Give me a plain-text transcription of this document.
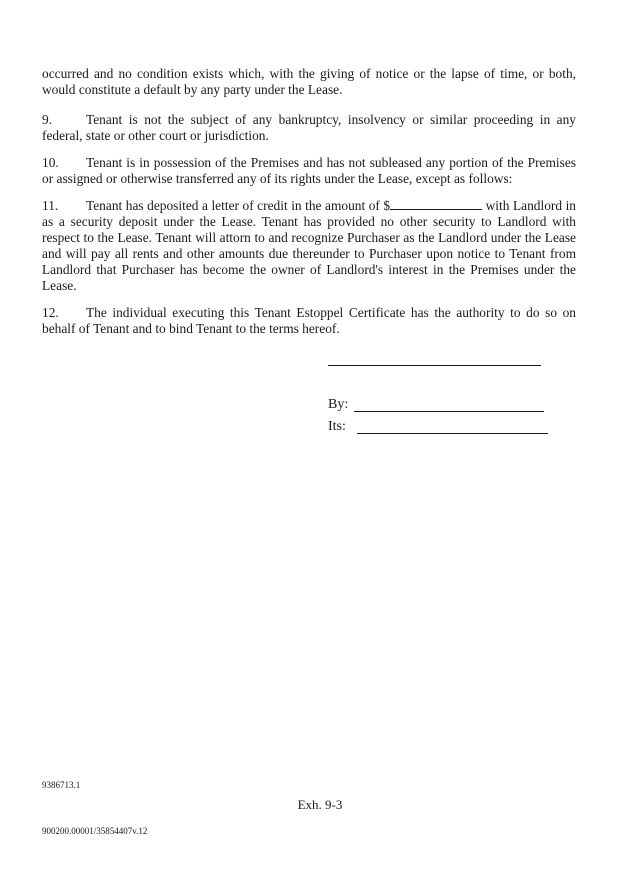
occurred and no condition exists which, with the giving of notice or the lapse of time, or both, would constitute a default by any party under the Lease.

9.	Tenant is not the subject of any bankruptcy, insolvency or similar proceeding in any federal, state or other court or jurisdiction.

10. Tenant is in possession of the Premises and has not subleased any portion of the Premises or assigned or otherwise transferred any of its rights under the Lease, except as follows:

11. Tenant has deposited a letter of credit in the amount of $	with Landlord in as a security deposit under the Lease. Tenant has provided no other security to Landlord with respect to the Lease. Tenant will attorn to and recognize Purchaser as the Landlord under the Lease and will pay all rents and other amounts due thereunder to Purchaser upon notice to Tenant from Landlord that Purchaser has become the owner of Landlord's interest in the Premises under the Lease.

12. The individual executing this Tenant Estoppel Certificate has the authority to do so on behalf of Tenant and to bind Tenant to the terms hereof.

By:
Its:
9386713.1
Exh. 9-3
900200.00001/35854407v.12
